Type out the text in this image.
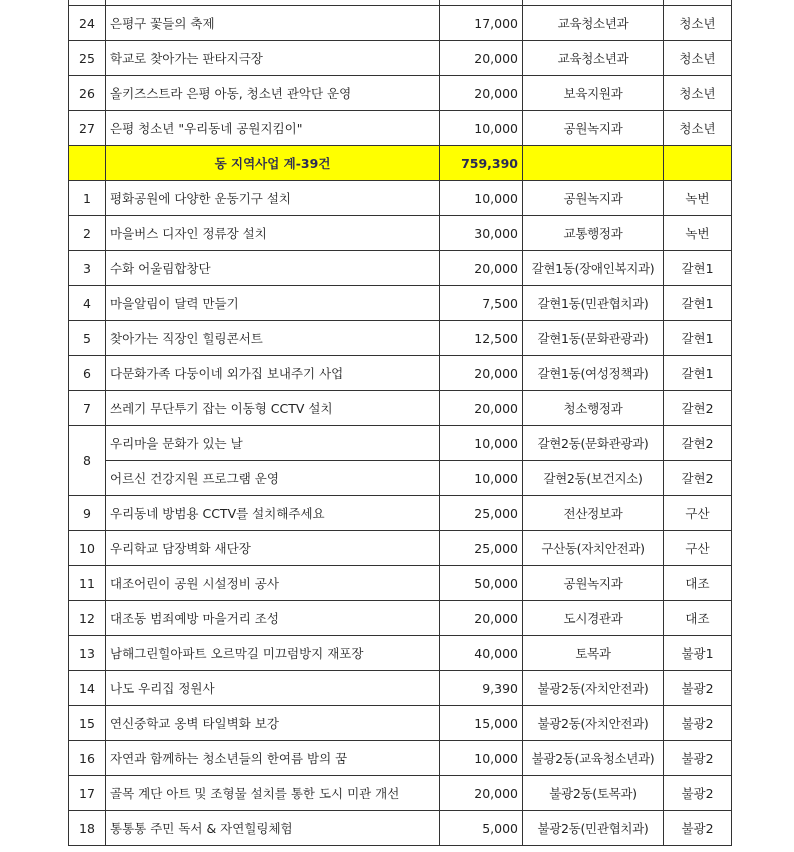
24	은평구 꽃들의 축제	17,000	교육청소년과	청소년
25	학교로 찾아가는 판타지극장	20,000	교육청소년과	청소년
26	올키즈스트라 은평 아동, 청소년 관악단 운영	20,000	보육지원과	청소년
27	은평 청소년 "우리동네 공원지킴이"	10,000	공원녹지과	청소년
	동 지역사업 계-39건	759,390		
1	평화공원에 다양한 운동기구 설치	10,000	공원녹지과	녹번
2	마을버스 디자인 정류장 설치	30,000	교통행정과	녹번
3	수화 어울림합창단	20,000	갈현1동(장애인복지과)	갈현1
4	마을알림이 달력 만들기	7,500	갈현1동(민관협치과)	갈현1
5	찾아가는 직장인 힐링콘서트	12,500	갈현1동(문화관광과)	갈현1
6	다문화가족 다둥이네 외가집 보내주기 사업	20,000	갈현1동(여성정책과)	갈현1
7	쓰레기 무단투기 잡는 이동형 CCTV 설치	20,000	청소행정과	갈현2
8	우리마을 문화가 있는 날	10,000	갈현2동(문화관광과)	갈현2
	어르신 건강지원 프로그램 운영	10,000	갈현2동(보건지소)	갈현2
9	우리동네 방범용 CCTV를 설치해주세요	25,000	전산정보과	구산
10	우리학교 담장벽화 새단장	25,000	구산동(자치안전과)	구산
11	대조어린이 공원 시설정비 공사	50,000	공원녹지과	대조
12	대조동 범죄예방 마을거리 조성	20,000	도시경관과	대조
13	남해그린힐아파트 오르막길 미끄럼방지 재포장	40,000	토목과	불광1
14	나도 우리집 정원사	9,390	불광2동(자치안전과)	불광2
15	연신중학교 옹벽 타일벽화 보강	15,000	불광2동(자치안전과)	불광2
16	자연과 함께하는 청소년들의 한여름 밤의 꿈	10,000	불광2동(교육청소년과)	불광2
17	골목 계단 아트 및 조형물 설치를 통한 도시 미관 개선	20,000	불광2동(토목과)	불광2
18	통통통 주민 독서 & 자연힐링체험	5,000	불광2동(민관협치과)	불광2
